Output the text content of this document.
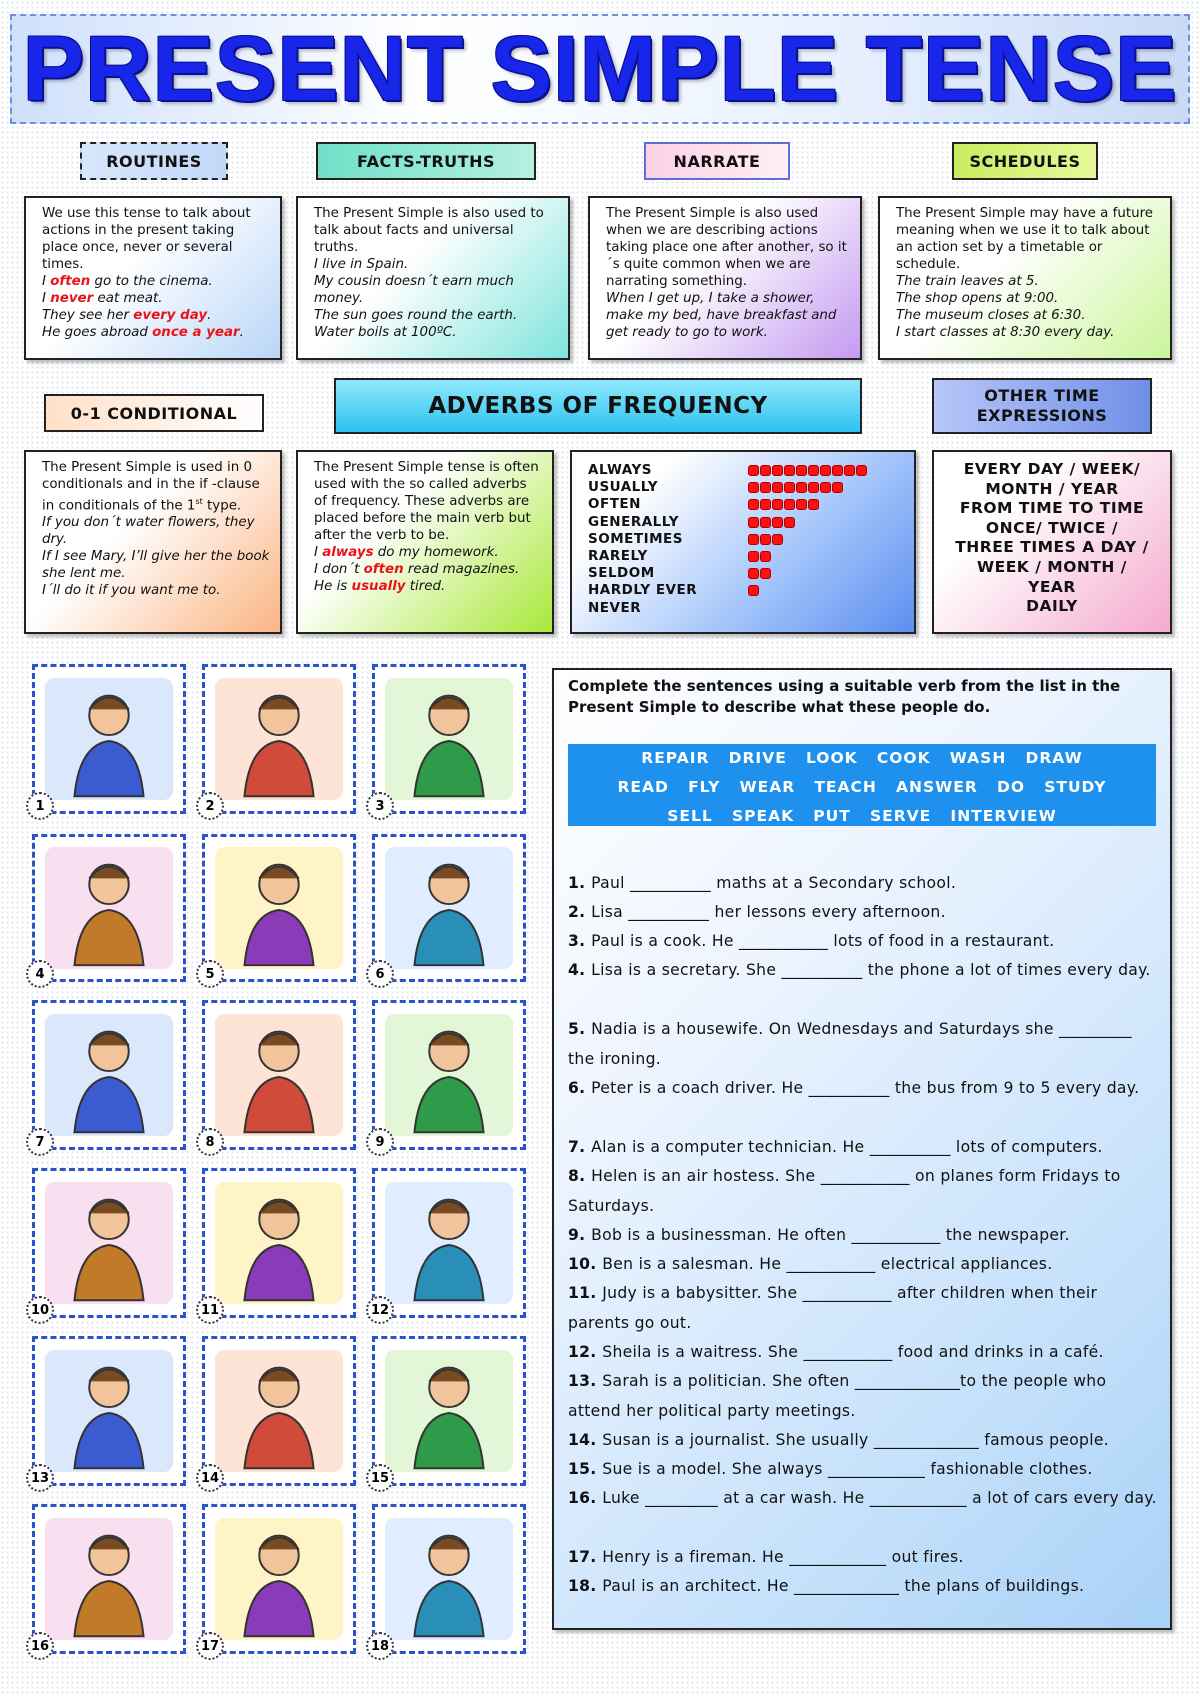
PRESENT SIMPLE TENSE
ROUTINES	FACTS-TRUTHS	NARRATE	SCHEDULES

We use this tense to talk about actions in the present taking place once, never or several times.

I often go to the cinema.

I never eat meat.

They see her every day.

He goes abroad once a year.

The Present Simple is also used to talk about facts and universal truths.

I live in Spain.

My cousin doesn´t earn much money.

The sun goes round the earth.

Water boils at 100ºC.

The Present Simple is also used when we are describing actions taking place one after another, so it´s quite common when we are narrating something.

When I get up, I take a shower, make my bed, have breakfast and get ready to go to work.

The Present Simple may have a future meaning when we use it to talk about an action set by a timetable or schedule.

The train leaves at 5.

The shop opens at 9:00.

The museum closes at 6:30.

I start classes at 8:30 every day.

0-1 CONDITIONAL	ADVERBS OF FREQUENCY	OTHER TIME
EXPRESSIONS

The Present Simple is used in 0 conditionals and in the if -clause in conditionals of the 1st type.

If you don´t water flowers, they dry.

If I see Mary, I’ll give her the book she lent me.

I´ll do it if you want me to.

The Present Simple tense is often used with the so called adverbs of frequency. These adverbs are placed before the main verb but after the verb to be.

I always do my homework.

I don´t often read magazines.

He is usually tired.

ALWAYS
USUALLY
OFTEN
GENERALLY
SOMETIMES
RARELY
SELDOM
HARDLY EVER
NEVER
EVERY DAY / WEEK/
MONTH / YEAR
FROM TIME TO TIME
ONCE/ TWICE /
THREE TIMES A DAY /
WEEK / MONTH /
YEAR
DAILY
1	2	3
4	5	6
7	8	9
10	11	12
13	14	15
16	17	18
Complete the sentences using a suitable verb from the list in the Present Simple to describe what these people do.
REPAIR   DRIVE   LOOK   COOK   WASH   DRAW
READ   FLY   WEAR   TEACH   ANSWER   DO   STUDY
SELL   SPEAK   PUT   SERVE   INTERVIEW
1. Paul __________ maths at a Secondary school.
2. Lisa __________ her lessons every afternoon.
3. Paul is a cook. He ___________ lots of food in a restaurant.
4. Lisa is a secretary. She __________ the phone a lot of times every day.
5. Nadia is a housewife. On Wednesdays and Saturdays she _________ the ironing.
6. Peter is a coach driver. He __________ the bus from 9 to 5 every day.
7. Alan is a computer technician. He __________ lots of computers.
8. Helen is an air hostess. She ___________ on planes form Fridays to Saturdays.
9. Bob is a businessman. He often ___________ the newspaper.
10. Ben is a salesman. He ___________ electrical appliances.
11. Judy is a babysitter. She ___________ after children when their parents go out.
12. Sheila is a waitress. She ___________ food and drinks in a café.
13. Sarah is a politician. She often _____________to the people who attend her political party meetings.
14. Susan is a journalist. She usually _____________ famous people.
15. Sue is a model. She always ____________ fashionable clothes.
16. Luke _________ at a car wash. He ____________ a lot of cars every day.
17. Henry is a fireman. He ____________ out fires.
18. Paul is an architect. He _____________ the plans of buildings.
